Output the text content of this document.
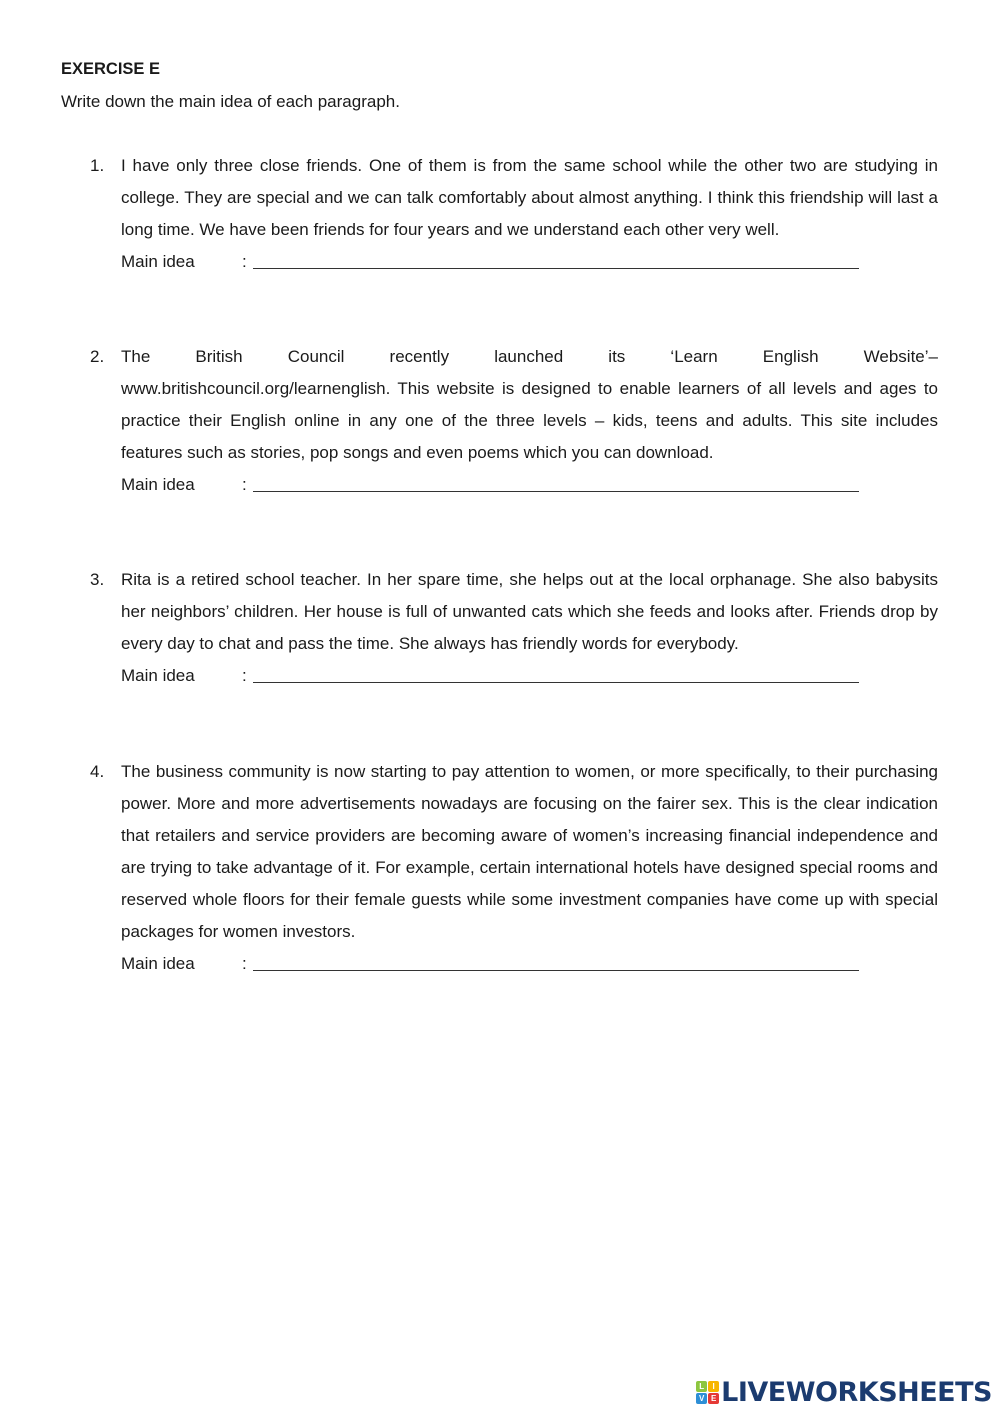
EXERCISE E
Write down the main idea of each paragraph.
1. I have only three close friends. One of them is from the same school while the other two are studying in college. They are special and we can talk comfortably about almost anything. I think this friendship will last a long time. We have been friends for four years and we understand each other very well.
Main idea	:
2. The British Council recently launched its ‘Learn English Website’–
www.britishcouncil.org/learnenglish. This website is designed to enable learners of all levels and ages to practice their English online in any one of the three levels – kids, teens and adults. This site includes features such as stories, pop songs and even poems which you can download.
Main idea	:
3. Rita is a retired school teacher. In her spare time, she helps out at the local orphanage. She also babysits her neighbors’ children. Her house is full of unwanted cats which she feeds and looks after. Friends drop by every day to chat and pass the time. She always has friendly words for everybody.
Main idea	:
4. The business community is now starting to pay attention to women, or more specifically, to their purchasing power. More and more advertisements nowadays are focusing on the fairer sex. This is the clear indication that retailers and service providers are becoming aware of women’s increasing financial independence and are trying to take advantage of it. For example, certain international hotels have designed special rooms and reserved whole floors for their female guests while some investment companies have come up with special packages for women investors.
Main idea	:
L	I
V E LIVEWORKSHEETS
